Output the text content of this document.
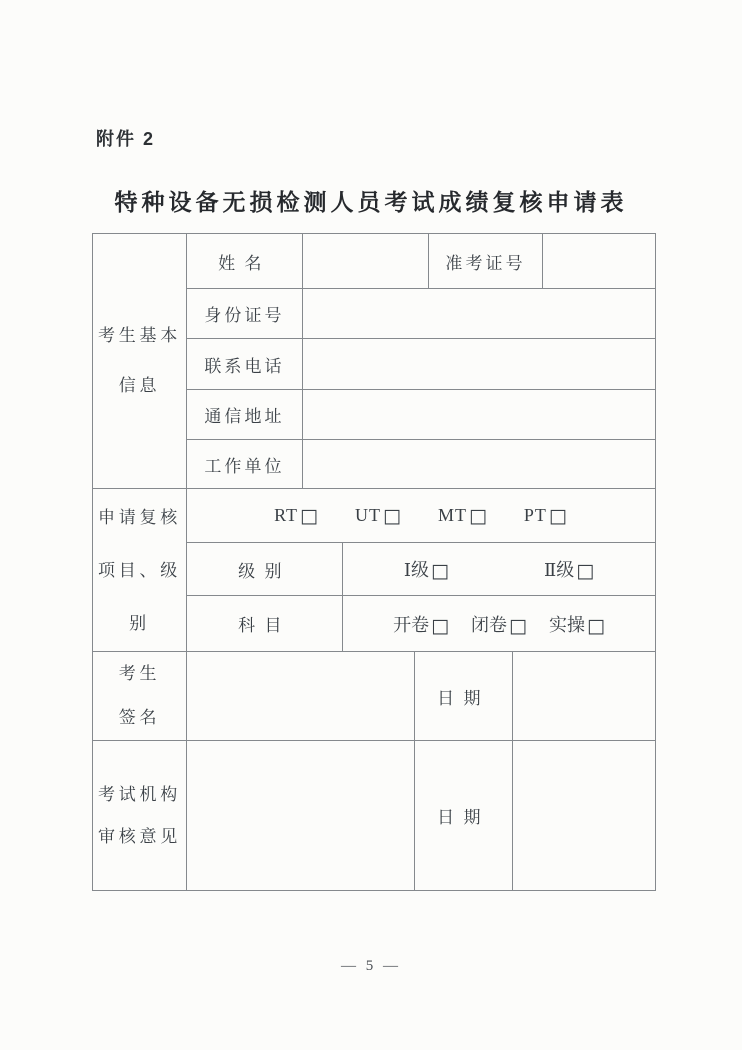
附件 2
特种设备无损检测人员考试成绩复核申请表
考生基本
信息	姓名				准考证号		
	身份证号						
	联系电话						
	通信地址						
	工作单位						

申请复核
项目、级
别

RT □ UT □ MT □ PT □

	级别		Ⅰ级 □ Ⅱ级 □				

	科目		开卷 □ 闭卷 □ 实操 □				

考生
签名				日期			

考试机构
审核意见				日期			
— 5 —
